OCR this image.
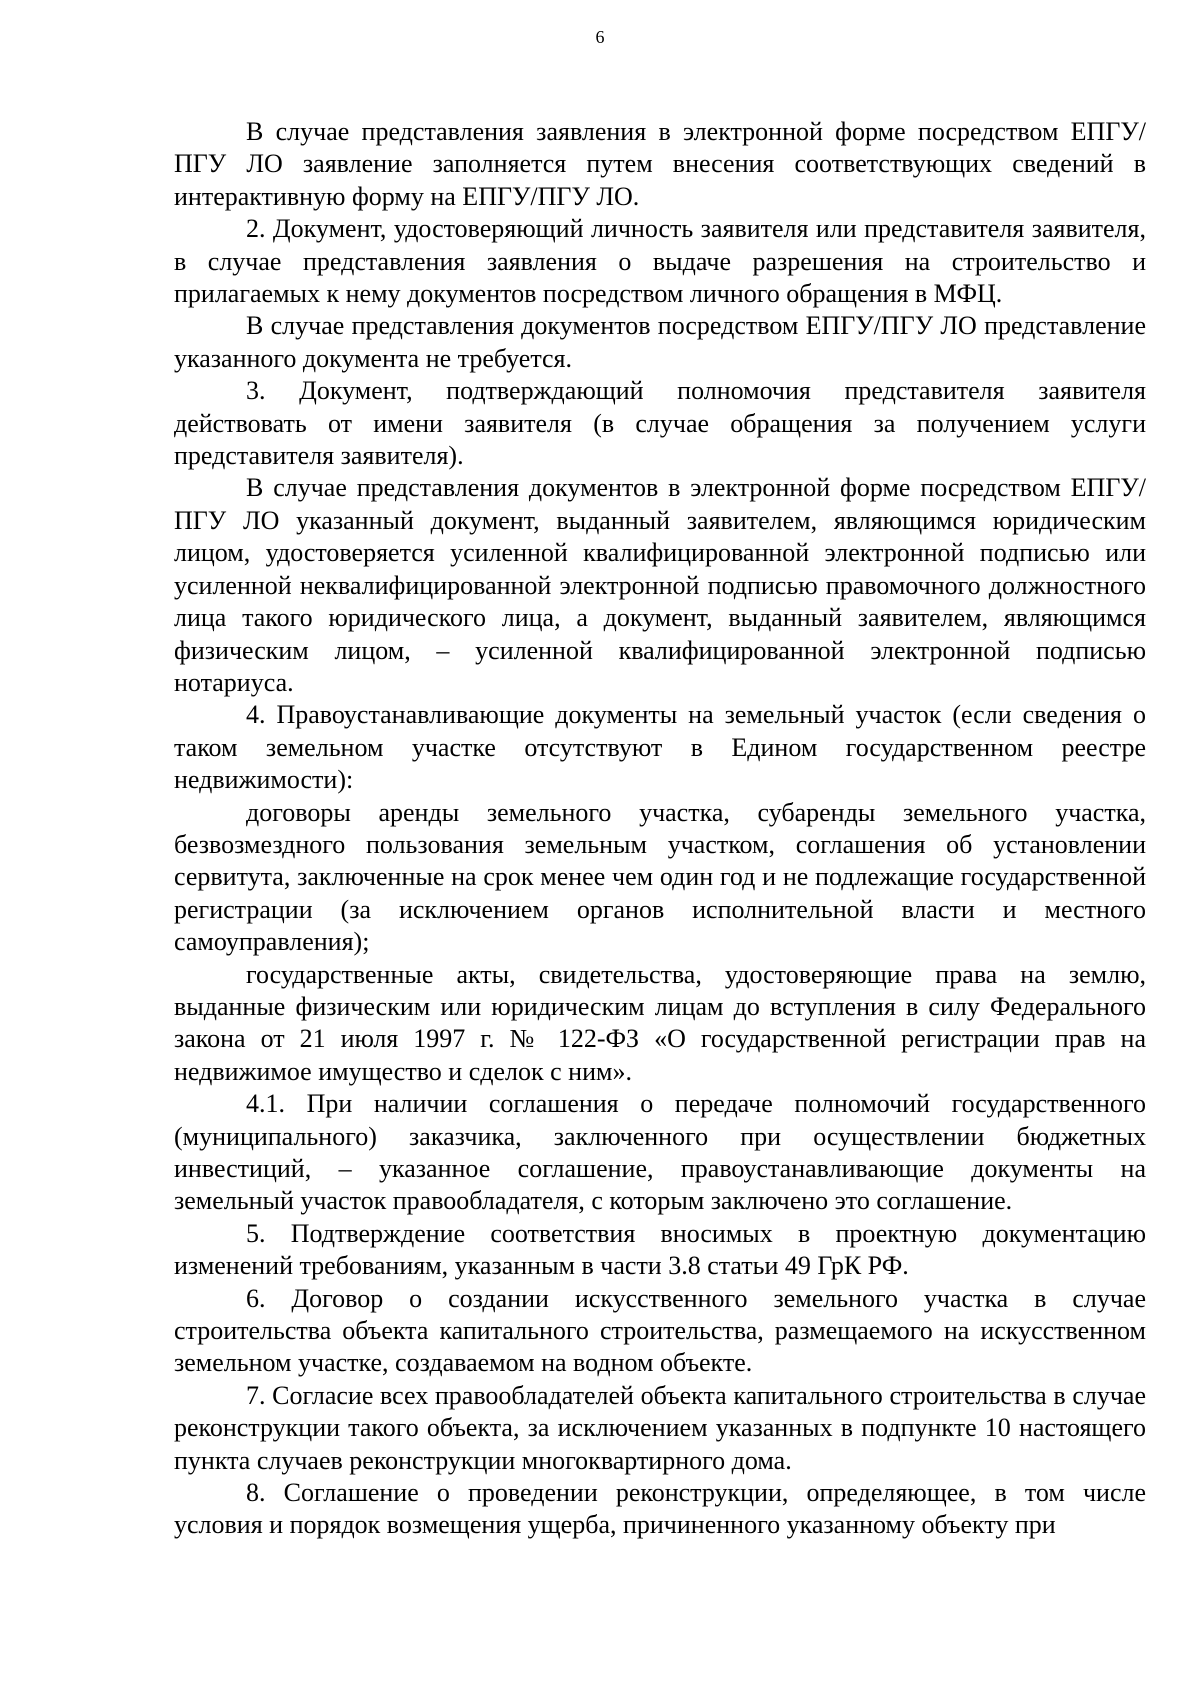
6

В случае представления заявления в электронной форме посредством ЕПГУ/ПГУ ЛО заявление заполняется путем внесения соответствующих сведений в интерактивную форму на ЕПГУ/ПГУ ЛО.

2. Документ, удостоверяющий личность заявителя или представителя заявителя, в случае представления заявления о выдаче разрешения на строительство и прилагаемых к нему документов посредством личного обращения в МФЦ.

В случае представления документов посредством ЕПГУ/ПГУ ЛО представление указанного документа не требуется.

3. Документ, подтверждающий полномочия представителя заявителя действовать от имени заявителя (в случае обращения за получением услуги представителя заявителя).

В случае представления документов в электронной форме посредством ЕПГУ/ПГУ ЛО указанный документ, выданный заявителем, являющимся юридическим лицом, удостоверяется усиленной квалифицированной электронной подписью или усиленной неквалифицированной электронной подписью правомочного должностного лица такого юридического лица, а документ, выданный заявителем, являющимся физическим лицом, – усиленной квалифицированной электронной подписью нотариуса.

4. Правоустанавливающие документы на земельный участок (если сведения о таком земельном участке отсутствуют в Едином государственном реестре недвижимости):

договоры аренды земельного участка, субаренды земельного участка, безвозмездного пользования земельным участком, соглашения об установлении сервитута, заключенные на срок менее чем один год и не подлежащие государственной регистрации (за исключением органов исполнительной власти и местного самоуправления);

государственные акты, свидетельства, удостоверяющие права на землю, выданные физическим или юридическим лицам до вступления в силу Федерального закона от 21 июля 1997 г. № 122-ФЗ «О государственной регистрации прав на недвижимое имущество и сделок с ним».

4.1. При наличии соглашения о передаче полномочий государственного (муниципального) заказчика, заключенного при осуществлении бюджетных инвестиций, – указанное соглашение, правоустанавливающие документы на земельный участок правообладателя, с которым заключено это соглашение.

5. Подтверждение соответствия вносимых в проектную документацию изменений требованиям, указанным в части 3.8 статьи 49 ГрК РФ.

6. Договор о создании искусственного земельного участка в случае строительства объекта капитального строительства, размещаемого на искусственном земельном участке, создаваемом на водном объекте.

7. Согласие всех правообладателей объекта капитального строительства в случае реконструкции такого объекта, за исключением указанных в подпункте 10 настоящего пункта случаев реконструкции многоквартирного дома.

8. Соглашение о проведении реконструкции, определяющее, в том числе условия и порядок возмещения ущерба, причиненного указанному объекту при
